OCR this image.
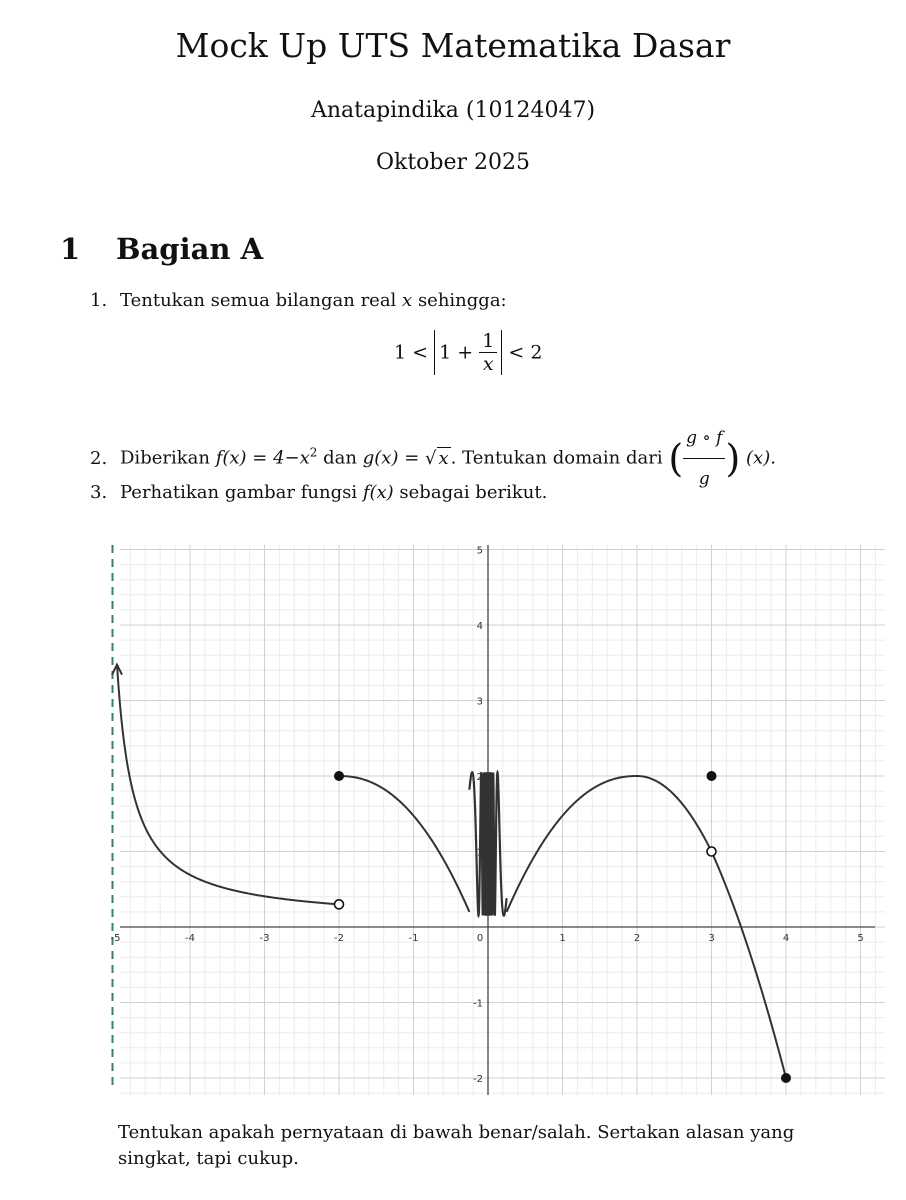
Mock Up UTS Matematika Dasar
Anatapindika (10124047)
Oktober 2025
1 Bagian A
1. Tentukan semua bilangan real x sehingga:
$1 < 1 + \frac{1}{x} < 2$
2. Diberikan $f(x) = 4-x^2$ dan g(x) = √ x . Tentukan domain dari ( $\frac{g \circ f}{g}$ ) (x).
3. Perhatikan gambar fungsi f(x) sebagai berikut.
-5	-4	-3	-2	-1	0	1	2	3	4	5
5
4
3
2
1
-1
-2
Tentukan apakah pernyataan di bawah benar/salah. Sertakan alasan yang singkat, tapi cukup.
